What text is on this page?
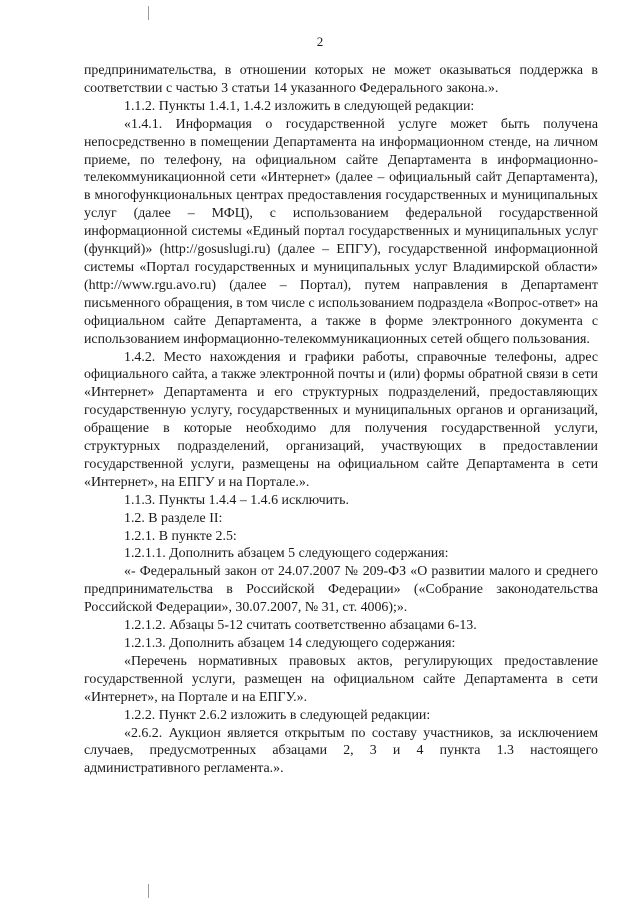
2

предпринимательства, в отношении которых не может оказываться поддержка в соответствии с частью 3 статьи 14 указанного Федерального закона.».

1.1.2. Пункты 1.4.1, 1.4.2 изложить в следующей редакции:

«1.4.1. Информация о государственной услуге может быть получена непосредственно в помещении Департамента на информационном стенде, на личном приеме, по телефону, на официальном сайте Департамента в информационно-телекоммуникационной сети «Интернет» (далее – официальный сайт Департамента), в многофункциональных центрах предоставления государственных и муниципальных услуг (далее – МФЦ), с использованием федеральной государственной информационной системы «Единый портал государственных и муниципальных услуг (функций)» (http://gosuslugi.ru) (далее – ЕПГУ), государственной информационной системы «Портал государственных и муниципальных услуг Владимирской области» (http://www.rgu.avo.ru) (далее – Портал), путем направления в Департамент письменного обращения, в том числе с использованием подраздела «Вопрос-ответ» на официальном сайте Департамента, а также в форме электронного документа с использованием информационно-телекоммуникационных сетей общего пользования.

1.4.2. Место нахождения и графики работы, справочные телефоны, адрес официального сайта, а также электронной почты и (или) формы обратной связи в сети «Интернет» Департамента и его структурных подразделений, предоставляющих государственную услугу, государственных и муниципальных органов и организаций, обращение в которые необходимо для получения государственной услуги, структурных подразделений, организаций, участвующих в предоставлении государственной услуги, размещены на официальном сайте Департамента в сети «Интернет», на ЕПГУ и на Портале.».

1.1.3. Пункты 1.4.4 – 1.4.6 исключить.

1.2. В разделе II:

1.2.1. В пункте 2.5:

1.2.1.1. Дополнить абзацем 5 следующего содержания:

«- Федеральный закон от 24.07.2007 № 209-ФЗ «О развитии малого и среднего предпринимательства в Российской Федерации» («Собрание законодательства Российской Федерации», 30.07.2007, № 31, ст. 4006);».

1.2.1.2. Абзацы 5-12 считать соответственно абзацами 6-13.

1.2.1.3. Дополнить абзацем 14 следующего содержания:

«Перечень нормативных правовых актов, регулирующих предоставление государственной услуги, размещен на официальном сайте Департамента в сети «Интернет», на Портале и на ЕПГУ.».

1.2.2. Пункт 2.6.2 изложить в следующей редакции:

«2.6.2. Аукцион является открытым по составу участников, за исключением случаев, предусмотренных абзацами 2, 3 и 4 пункта 1.3 настоящего административного регламента.».
